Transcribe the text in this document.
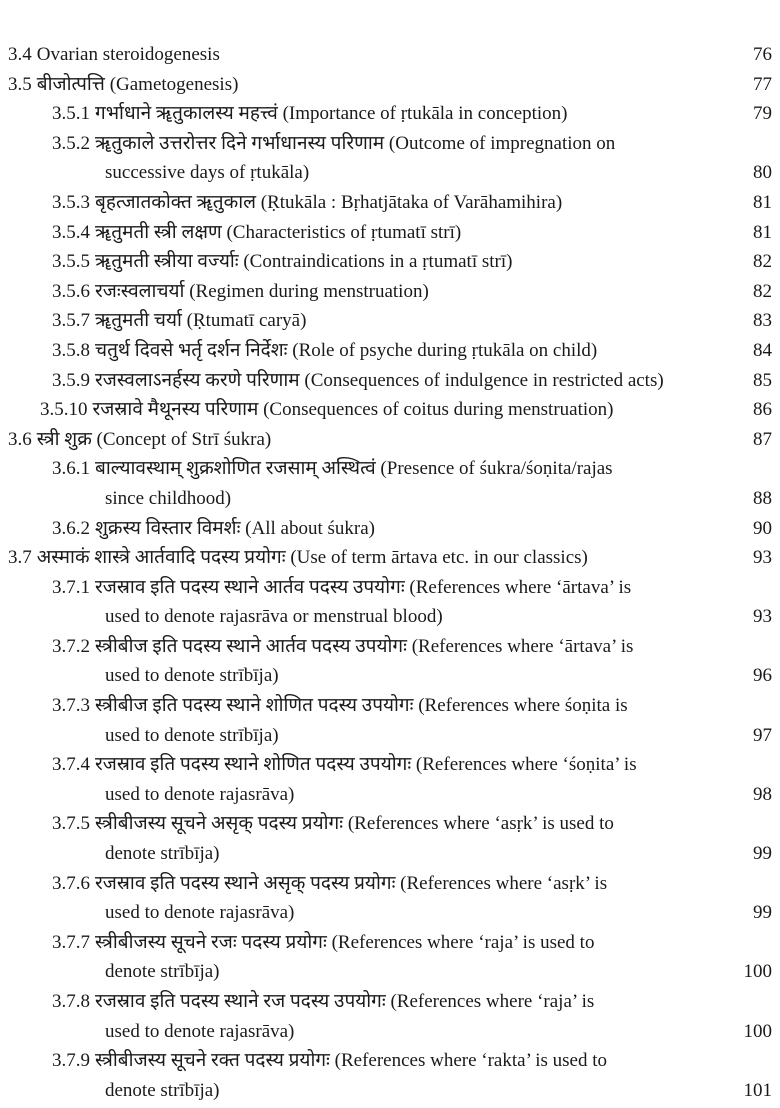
3.4 Ovarian steroidogenesis	76
3.5 बीजोत्पत्ति (Gametogenesis)	77
3.5.1 गर्भाधाने ॠतुकालस्य महत्त्वं (Importance of ṛtukāla in conception)	79
3.5.2 ॠतुकाले उत्तरोत्तर दिने गर्भाधानस्य परिणाम (Outcome of impregnation on
successive days of ṛtukāla)	80
3.5.3 बृहत्जातकोक्त ॠतुकाल (Ṛtukāla : Bṛhatjātaka of Varāhamihira)	81
3.5.4 ॠतुमती स्त्री लक्षण (Characteristics of ṛtumatī strī)	81
3.5.5 ॠतुमती स्त्रीया वर्ज्याः (Contraindications in a ṛtumatī strī)	82
3.5.6 रजःस्वलाचर्या (Regimen during menstruation)	82
3.5.7 ॠतुमती चर्या (Ṛtumatī caryā)	83
3.5.8 चतुर्थ दिवसे भर्तृ दर्शन निर्देशः (Role of psyche during ṛtukāla on child)	84
3.5.9 रजस्वलाऽनर्हस्य करणे परिणाम (Consequences of indulgence in restricted acts)	85
3.5.10 रजस्रावे मैथूनस्य परिणाम (Consequences of coitus during menstruation)	86
3.6 स्त्री शुक्र (Concept of Strī śukra)	87
3.6.1 बाल्यावस्थाम् शुक्रशोणित रजसाम् अस्थित्वं (Presence of śukra/śoṇita/rajas
since childhood)	88
3.6.2 शुक्रस्य विस्तार विमर्शः (All about śukra)	90
3.7 अस्माकं शास्त्रे आर्तवादि पदस्य प्रयोगः (Use of term ārtava etc. in our classics)	93
3.7.1 रजस्राव इति पदस्य स्थाने आर्तव पदस्य उपयोगः (References where ‘ārtava’ is
used to denote rajasrāva or menstrual blood)	93
3.7.2 स्त्रीबीज इति पदस्य स्थाने आर्तव पदस्य उपयोगः (References where ‘ārtava’ is
used to denote strībīja)	96
3.7.3 स्त्रीबीज इति पदस्य स्थाने शोणित पदस्य उपयोगः (References where śoṇita is
used to denote strībīja)	97
3.7.4 रजस्राव इति पदस्य स्थाने शोणित पदस्य उपयोगः (References where ‘śoṇita’ is
used to denote rajasrāva)	98
3.7.5 स्त्रीबीजस्य सूचने असृक् पदस्य प्रयोगः (References where ‘asṛk’ is used to
denote strībīja)	99
3.7.6 रजस्राव इति पदस्य स्थाने असृक् पदस्य प्रयोगः (References where ‘asṛk’ is
used to denote rajasrāva)	99
3.7.7 स्त्रीबीजस्य सूचने रजः पदस्य प्रयोगः (References where ‘raja’ is used to
denote strībīja)	100
3.7.8 रजस्राव इति पदस्य स्थाने रज पदस्य उपयोगः (References where ‘raja’ is
used to denote rajasrāva)	100
3.7.9 स्त्रीबीजस्य सूचने रक्त पदस्य प्रयोगः (References where ‘rakta’ is used to
denote strībīja)	101
